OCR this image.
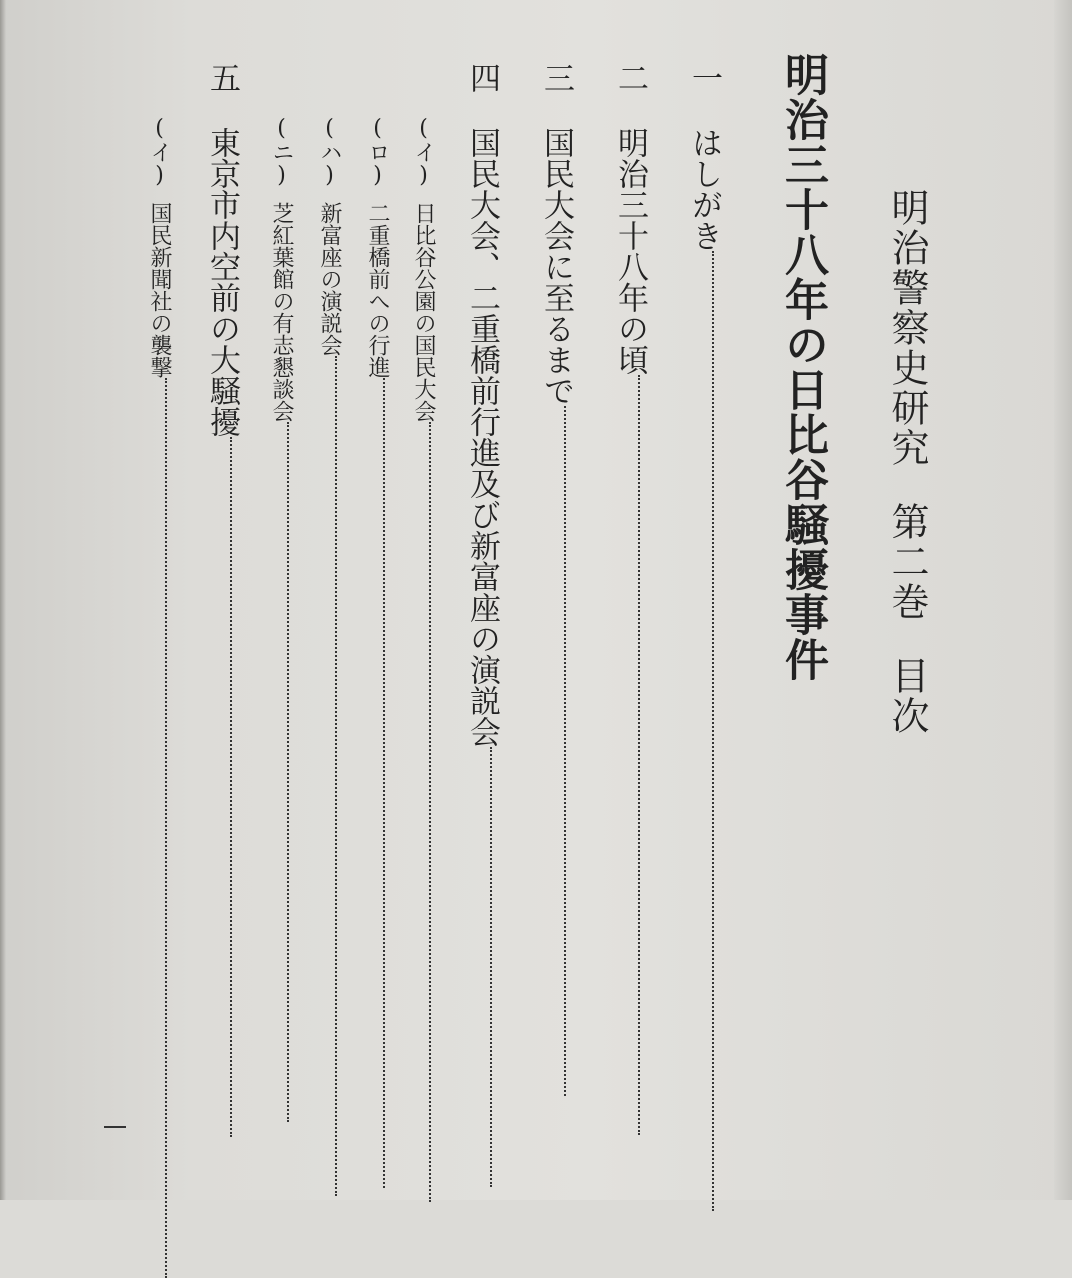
明治警察史研究第二巻目次
明治三十八年の日比谷騒擾事件
一はしがき
二明治三十八年の頃
三国民大会に至るまで
四国民大会、二重橋前行進及び新富座の演説会
(イ)日比谷公園の国民大会
(ロ)二重橋前への行進
(ハ)新富座の演説会
(ニ)芝紅葉館の有志懇談会
五東京市内空前の大騒擾
(イ)国民新聞社の襲撃
